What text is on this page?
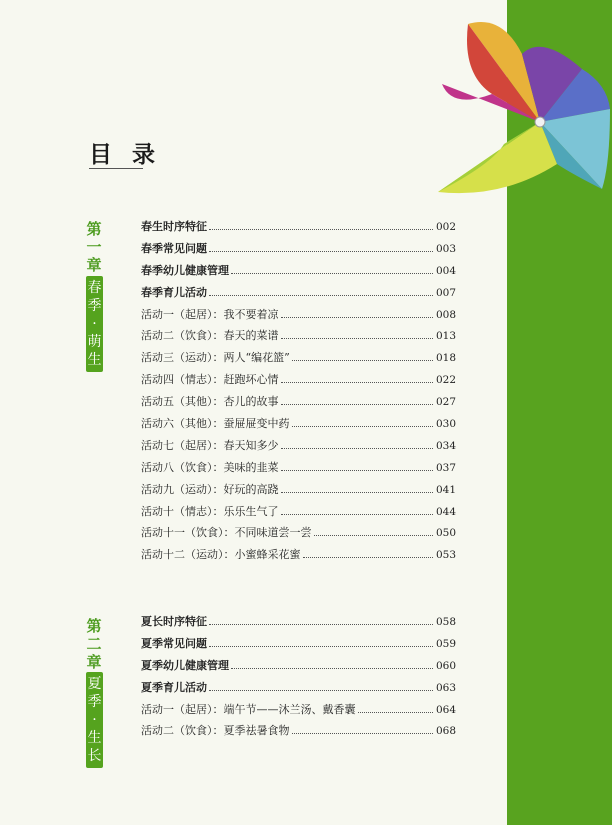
目 录
第一章
春季·萌生
春生时序特征	002
春季常见问题	003
春季幼儿健康管理	004
春季育儿活动	007
活动一（起居）：我不要着凉	008
活动二（饮食）：春天的菜谱	013
活动三（运动）：两人“编花篮”	018
活动四（情志）：赶跑坏心情	022
活动五（其他）：杏儿的故事	027
活动六（其他）：蚕屉屉变中药	030
活动七（起居）：春天知多少	034
活动八（饮食）：美味的韭菜	037
活动九（运动）：好玩的高跷	041
活动十（情志）：乐乐生气了	044
活动十一（饮食）：不同味道尝一尝	050
活动十二（运动）：小蜜蜂采花蜜	053
第二章
夏季·生长
夏长时序特征	058
夏季常见问题	059
夏季幼儿健康管理	060
夏季育儿活动	063
活动一（起居）：端午节——沐兰汤、戴香囊	064
活动二（饮食）：夏季祛暑食物	068
